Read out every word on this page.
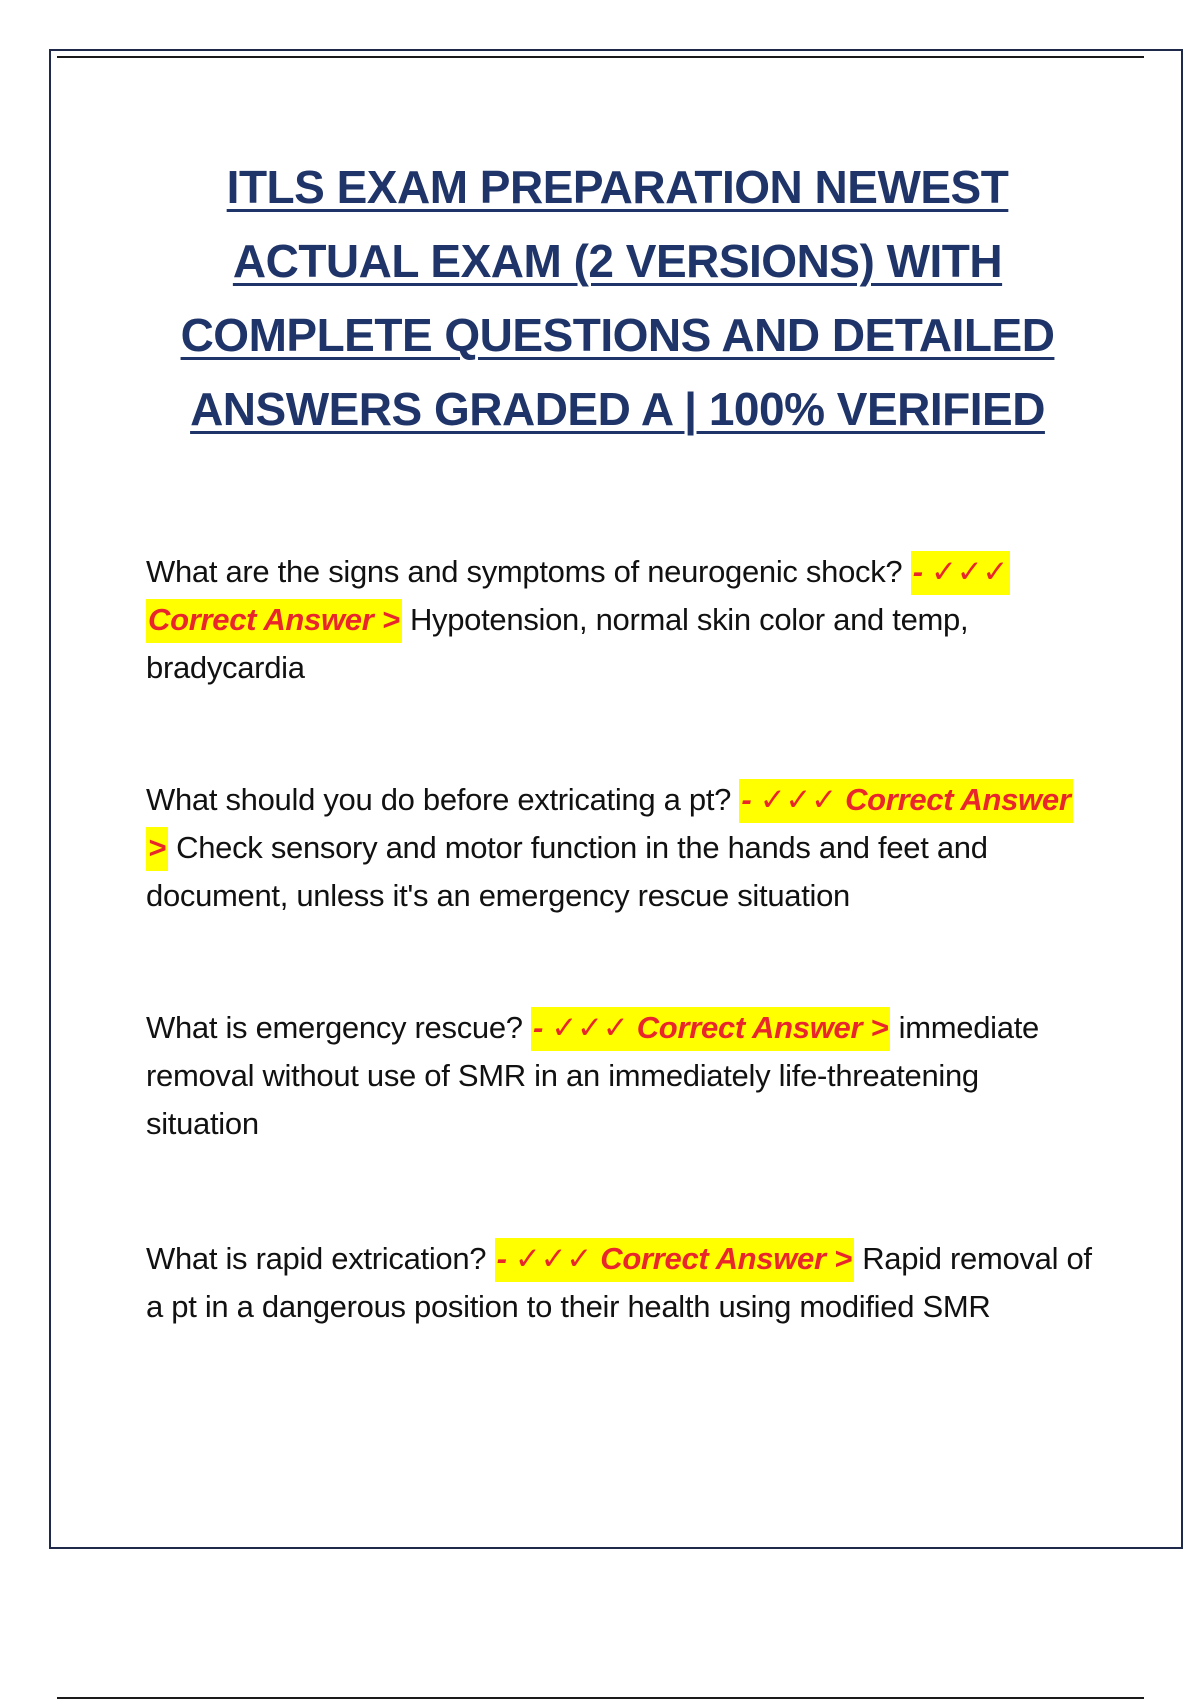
ITLS EXAM PREPARATION NEWEST
ACTUAL EXAM (2 VERSIONS) WITH
COMPLETE QUESTIONS AND DETAILED
ANSWERS GRADED A | 100% VERIFIED

What are the signs and symptoms of neurogenic shock? - ✓✓✓ Correct Answer > Hypotension, normal skin color and temp, bradycardia

What should you do before extricating a pt? - ✓✓✓ Correct Answer > Check sensory and motor function in the hands and feet and document, unless it's an emergency rescue situation

What is emergency rescue? - ✓✓✓ Correct Answer > immediate removal without use of SMR in an immediately life-threatening situation

What is rapid extrication? - ✓✓✓ Correct Answer > Rapid removal of a pt in a dangerous position to their health using modified SMR
